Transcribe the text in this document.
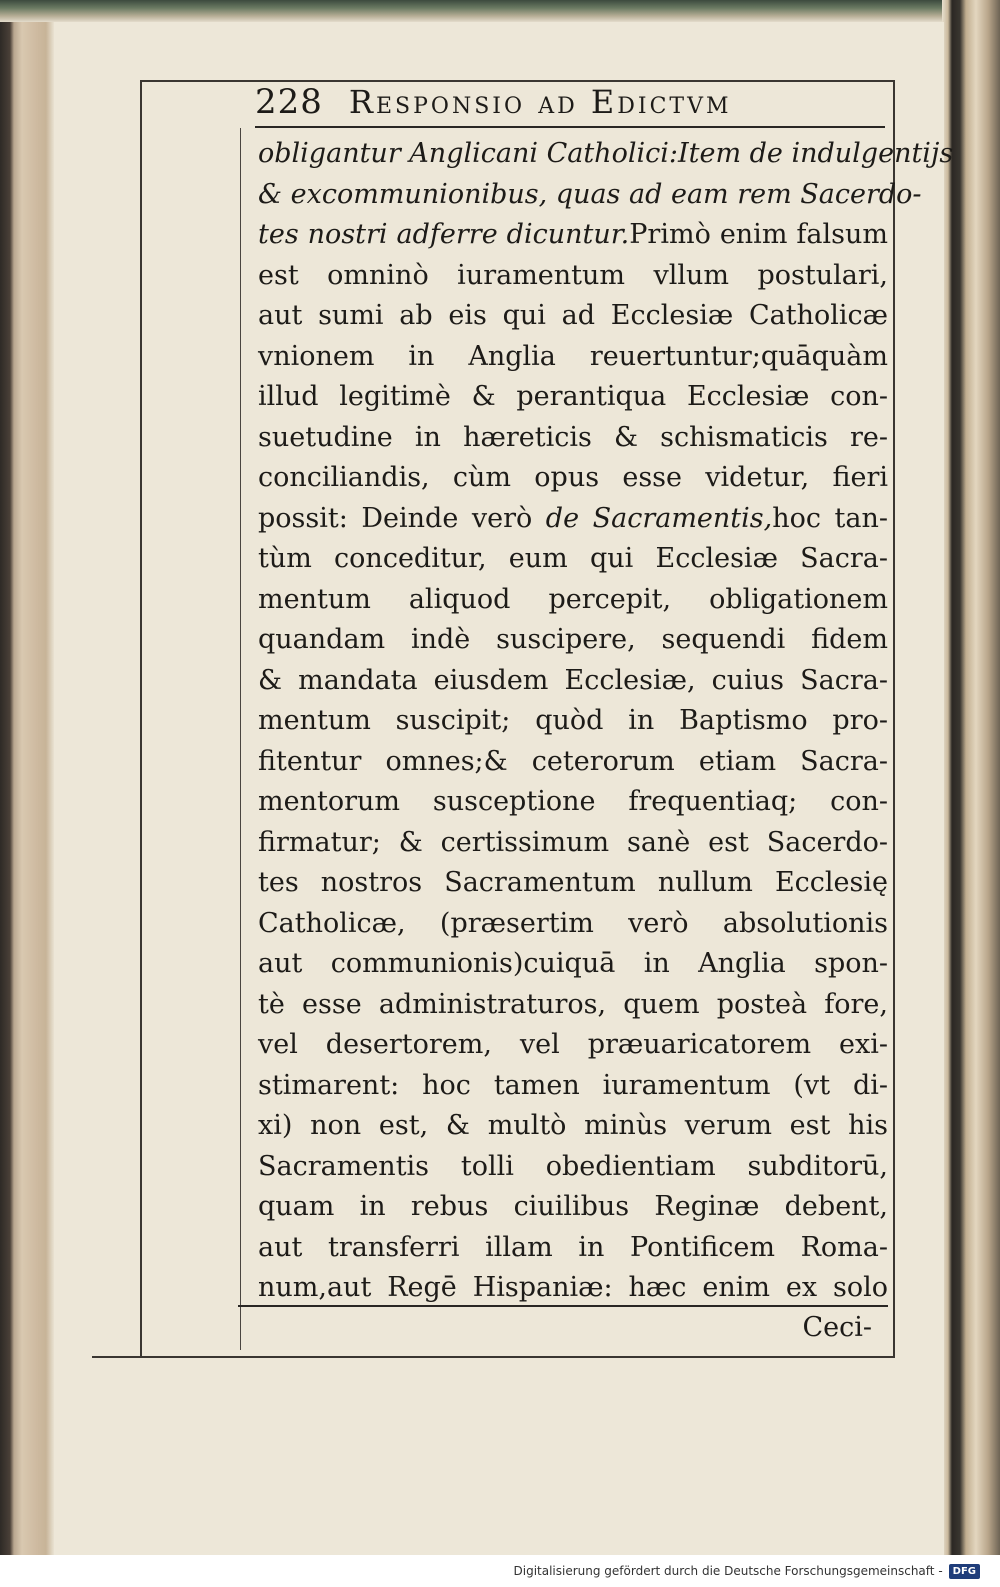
228 Responsio ad Edictvm
obligantur Anglicani Catholici:Item de indulgentijs
& excommunionibus, quas ad eam rem Sacerdo-
tes nostri adferre dicuntur.Primò enim falsum
est omninò iuramentum vllum postulari,
aut sumi ab eis qui ad Ecclesiæ Catholicæ
vnionem in Anglia reuertuntur;quāquàm
illud legitimè & perantiqua Ecclesiæ con-
suetudine in hæreticis & schismaticis re-
conciliandis, cùm opus esse videtur, fieri
possit: Deinde verò de Sacramentis,hoc tan-
tùm conceditur, eum qui Ecclesiæ Sacra-
mentum aliquod percepit, obligationem
quandam indè suscipere, sequendi fidem
& mandata eiusdem Ecclesiæ, cuius Sacra-
mentum suscipit; quòd in Baptismo pro-
fitentur omnes;& ceterorum etiam Sacra-
mentorum susceptione frequentiaq; con-
firmatur; & certissimum sanè est Sacerdo-
tes nostros Sacramentum nullum Ecclesię
Catholicæ, (præsertim verò absolutionis
aut communionis)cuiquā in Anglia spon-
tè esse administraturos, quem posteà fore,
vel desertorem, vel præuaricatorem exi-
stimarent: hoc tamen iuramentum (vt di-
xi) non est, & multò minùs verum est his
Sacramentis tolli obedientiam subditorū,
quam in rebus ciuilibus Reginæ debent,
aut transferri illam in Pontificem Roma-
num,aut Regē Hispaniæ: hæc enim ex solo
Ceci-
Digitalisierung gefördert durch die Deutsche Forschungsgemeinschaft -	DFG
